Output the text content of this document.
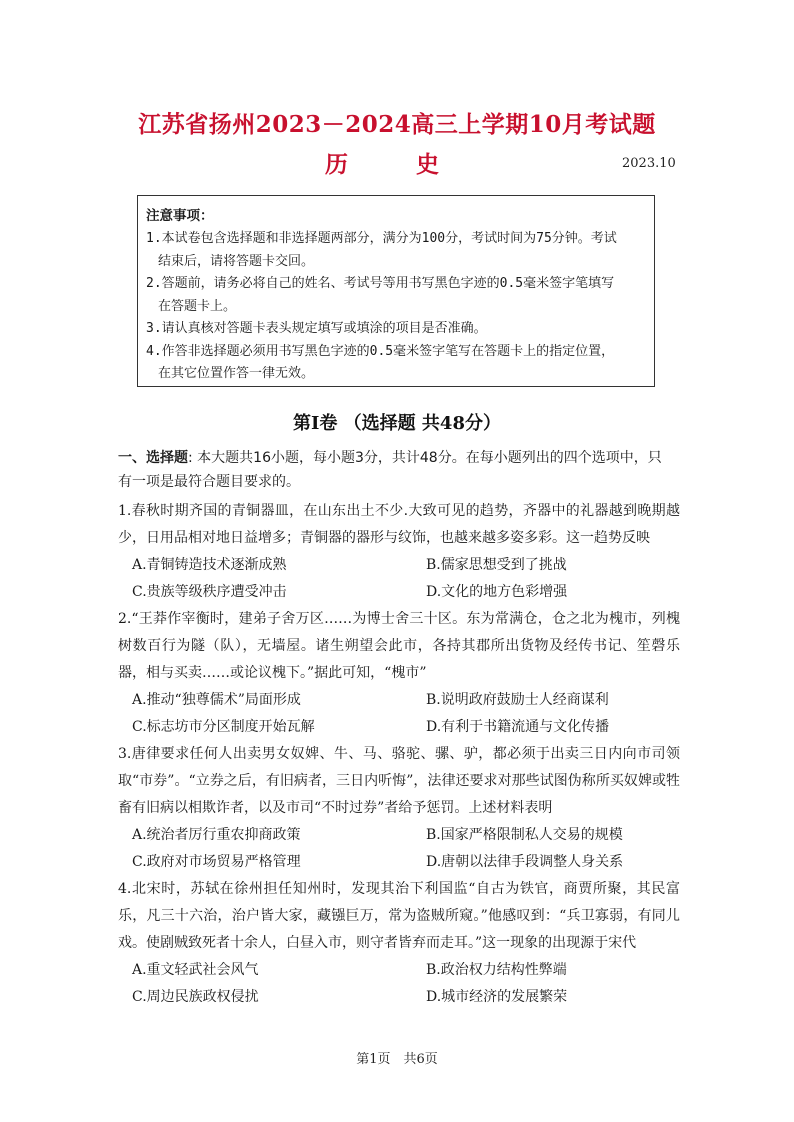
江苏省扬州2023－2024高三上学期10月考试题
历 史	2023.10

注意事项：

1.本试卷包含选择题和非选择题两部分，满分为100分，考试时间为75分钟。考试
结束后，请将答题卡交回。

2.答题前，请务必将自己的姓名、考试号等用书写黑色字迹的0.5毫米签字笔填写
在答题卡上。

3.请认真核对答题卡表头规定填写或填涂的项目是否准确。

4.作答非选择题必须用书写黑色字迹的0.5毫米签字笔写在答题卡上的指定位置，
在其它位置作答一律无效。

第Ⅰ卷 （选择题 共48分）
一、选择题: 本大题共16小题，每小题3分，共计48分。在每小题列出的四个选项中，只有一项是最符合题目要求的。

1.春秋时期齐国的青铜器皿，在山东出土不少.大致可见的趋势，齐器中的礼器越到晚期越少，日用品相对地日益增多；青铜器的器形与纹饰，也越来越多姿多彩。这一趋势反映

A.青铜铸造技术逐渐成熟	B.儒家思想受到了挑战
C.贵族等级秩序遭受冲击	D.文化的地方色彩增强

2.“王莽作宰衡时，建弟子舍万区……为博士舍三十区。东为常满仓，仓之北为槐市，列槐树数百行为隧（队），无墙屋。诸生朔望会此市，各持其郡所出货物及经传书记、笙磬乐器，相与买卖……或论议槐下。”据此可知，“槐市”

A.推动“独尊儒术”局面形成	B.说明政府鼓励士人经商谋利
C.标志坊市分区制度开始瓦解	D.有利于书籍流通与文化传播

3.唐律要求任何人出卖男女奴婢、牛、马、骆驼、骡、驴，都必须于出卖三日内向市司领取“市券”。“立券之后，有旧病者，三日内听悔”，法律还要求对那些试图伪称所买奴婢或牲畜有旧病以相欺诈者，以及市司“不时过券”者给予惩罚。上述材料表明

A.统治者厉行重农抑商政策	B.国家严格限制私人交易的规模
C.政府对市场贸易严格管理	D.唐朝以法律手段调整人身关系

4.北宋时，苏轼在徐州担任知州时，发现其治下利国监“自古为铁官，商贾所聚，其民富乐，凡三十六治，治户皆大家，藏镪巨万，常为盗贼所窥。”他感叹到：“兵卫寡弱，有同儿戏。使剧贼致死者十余人，白昼入市，则守者皆弃而走耳。”这一现象的出现源于宋代

A.重文轻武社会风气	B.政治权力结构性弊端
C.周边民族政权侵扰	D.城市经济的发展繁荣
第1页　共6页
